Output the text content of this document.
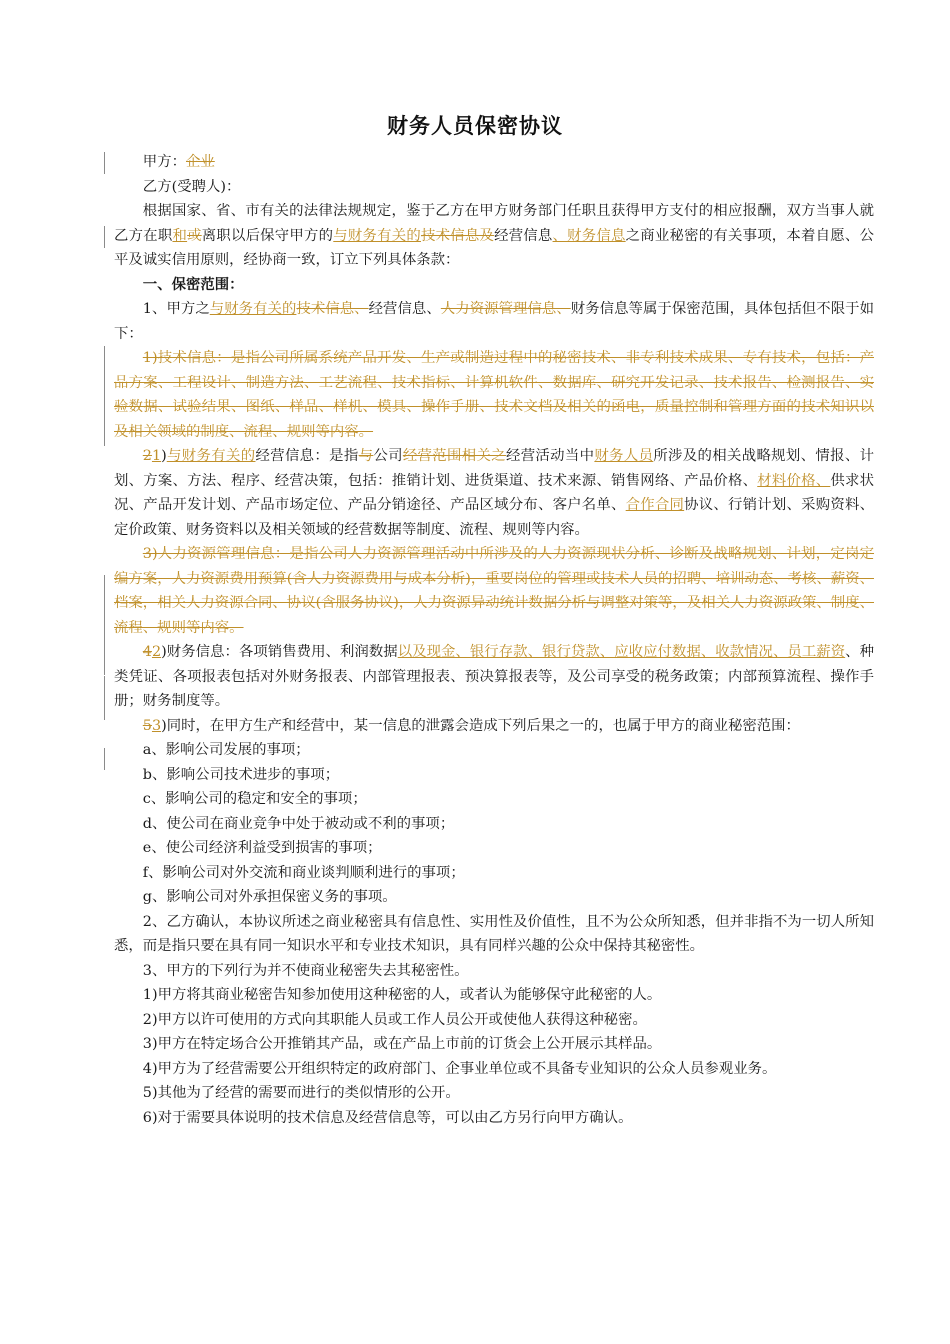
财务人员保密协议

甲方：企业

乙方(受聘人)：

根据国家、省、市有关的法律法规规定，鉴于乙方在甲方财务部门任职且获得甲方支付的相应报酬，双方当事人就乙方在职和或离职以后保守甲方的与财务有关的技术信息及经营信息、财务信息之商业秘密的有关事项，本着自愿、公平及诚实信用原则，经协商一致，订立下列具体条款：

一、保密范围：

1、甲方之与财务有关的技术信息、经营信息、人力资源管理信息、财务信息等属于保密范围，具体包括但不限于如下：

1)技术信息：是指公司所属系统产品开发、生产或制造过程中的秘密技术、非专利技术成果、专有技术，包括：产品方案、工程设计、制造方法、工艺流程、技术指标、计算机软件、数据库、研究开发记录、技术报告、检测报告、实验数据、试验结果、图纸、样品、样机、模具、操作手册、技术文档及相关的函电，质量控制和管理方面的技术知识以及相关领域的制度、流程、规则等内容。

21)与财务有关的经营信息：是指与公司经营范围相关之经营活动当中财务人员所涉及的相关战略规划、情报、计划、方案、方法、程序、经营决策，包括：推销计划、进货渠道、技术来源、销售网络、产品价格、材料价格、供求状况、产品开发计划、产品市场定位、产品分销途径、产品区域分布、客户名单、合作合同协议、行销计划、采购资料、定价政策、财务资料以及相关领域的经营数据等制度、流程、规则等内容。

3)人力资源管理信息：是指公司人力资源管理活动中所涉及的人力资源现状分析、诊断及战略规划、计划，定岗定编方案，人力资源费用预算(含人力资源费用与成本分析)，重要岗位的管理或技术人员的招聘、培训动态、考核、薪资、档案，相关人力资源合同、协议(含服务协议)，人力资源异动统计数据分析与调整对策等，及相关人力资源政策、制度、流程、规则等内容。

42)财务信息：各项销售费用、利润数据以及现金、银行存款、银行贷款、应收应付数据、收款情况、员工薪资、种类凭证、各项报表包括对外财务报表、内部管理报表、预决算报表等，及公司享受的税务政策；内部预算流程、操作手册；财务制度等。

53)同时，在甲方生产和经营中，某一信息的泄露会造成下列后果之一的，也属于甲方的商业秘密范围：

a、影响公司发展的事项；

b、影响公司技术进步的事项；

c、影响公司的稳定和安全的事项；

d、使公司在商业竞争中处于被动或不利的事项；

e、使公司经济利益受到损害的事项；

f、影响公司对外交流和商业谈判顺利进行的事项；

g、影响公司对外承担保密义务的事项。

2、乙方确认，本协议所述之商业秘密具有信息性、实用性及价值性，且不为公众所知悉，但并非指不为一切人所知悉，而是指只要在具有同一知识水平和专业技术知识，具有同样兴趣的公众中保持其秘密性。

3、甲方的下列行为并不使商业秘密失去其秘密性。

1)甲方将其商业秘密告知参加使用这种秘密的人，或者认为能够保守此秘密的人。

2)甲方以许可使用的方式向其职能人员或工作人员公开或使他人获得这种秘密。

3)甲方在特定场合公开推销其产品，或在产品上市前的订货会上公开展示其样品。

4)甲方为了经营需要公开组织特定的政府部门、企事业单位或不具备专业知识的公众人员参观业务。

5)其他为了经营的需要而进行的类似情形的公开。

6)对于需要具体说明的技术信息及经营信息等，可以由乙方另行向甲方确认。
